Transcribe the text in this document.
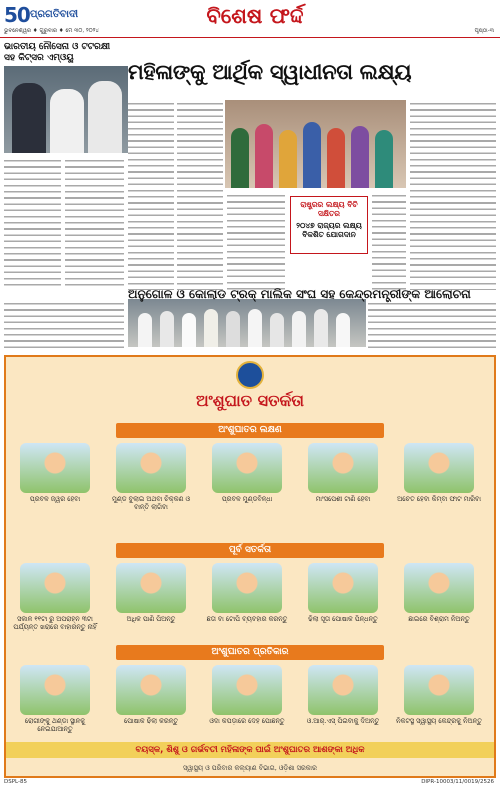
50 ପ୍ରଗତିବାଦୀ
ଭୁବନେଶ୍ୱର ♦ ଗୁରୁବାର ♦ ମେ ୩୦, ୨୦୨୪
ବିଶେଷ ଫର୍ଦ୍ଦ
ପୃଷ୍ଠା-୩
ଭାରତୀୟ ନୌସେନା ଓ ଟଟରକ୍ଷୀ ସହ କିଟ୍ସର ଏମ୍ଓୟୁ
ମହିଳାଙ୍କୁ ଆର୍ଥିକ ସ୍ୱାଧୀନତା ଲକ୍ଷ୍ୟ
ରାଷ୍ଟ୍ରର ଲକ୍ଷ୍ୟ ବିଚି ସକ୍ଷିତର
୨୦୪୭ ରାଜ୍ୟର ଲକ୍ଷ୍ୟ ବିକଶିତ ଯୋଗଦାନ
ଅନୁଗୋଳ ଓ କୋଲାଡ ଟ୍ରକ୍ ମାଲିକ ସଂଘ ସହ କେନ୍ଦ୍ରମନ୍ତ୍ରୀଙ୍କ ଆଲୋଚନା
ଅଂଶୁଘାତ ସତର୍କତା
ଅଂଶୁଘାତର ଲକ୍ଷଣ
ପ୍ରବଳ ଜ୍ୱର ହେବା	ମୁଣ୍ଡ ବୁଲାଇ ଅଥବା ଚିକ୍କଣ ଓ ବାନ୍ତି ଲାଗିବା
ପ୍ରବଳ ମୁଣ୍ଡବିନ୍ଧା	ମାଂସପେଶୀ ଟାଣି ହେବା	ଅଚେତ ହେବା କିମ୍ବା ଫାଟ ମାରିବା
ପୂର୍ବ ସତର୍କତା
ସକାଳ ୧୧ଟା ରୁ ଅପରାହ୍ନ ୩ଟା ପର୍ଯ୍ୟନ୍ତ ଖରାରେ ବାହାରନ୍ତୁ ନାହିଁ
ଅଧିକ ପାଣି ପିଅନ୍ତୁ	ଛତା ବା ଟୋପି ବ୍ୟବହାର କରନ୍ତୁ	ଢିଲା ସୂତା ପୋଷାକ ପିନ୍ଧନ୍ତୁ	ଛାଇରେ ବିଶ୍ରାମ ନିଅନ୍ତୁ
ଅଂଶୁଘାତର ପ୍ରତିକାର
ରୋଗୀଙ୍କୁ ଥଣ୍ଡା ସ୍ଥାନକୁ ନେଇଯାଆନ୍ତୁ
ପୋଷାକ ଢିଲା କରନ୍ତୁ	ଓଦା କପଡ଼ାରେ ଦେହ ପୋଛନ୍ତୁ	ଓ.ଆର୍.ଏସ୍ ପିଇବାକୁ ଦିଅନ୍ତୁ	ନିକଟସ୍ଥ ସ୍ୱାସ୍ଥ୍ୟ କେନ୍ଦ୍ରକୁ ନିଅନ୍ତୁ
ବୟସ୍କ, ଶିଶୁ ଓ ଗର୍ଭବତୀ ମହିଳାଙ୍କ ପାଇଁ ଅଂଶୁଘାତର ଆଶଙ୍କା ଅଧିକ
ସ୍ୱାସ୍ଥ୍ୟ ଓ ପରିବାର କଲ୍ୟାଣ ବିଭାଗ, ଓଡ଼ିଶା ସରକାର
DSPL-85	DIPR-10003/11/0019/2526
